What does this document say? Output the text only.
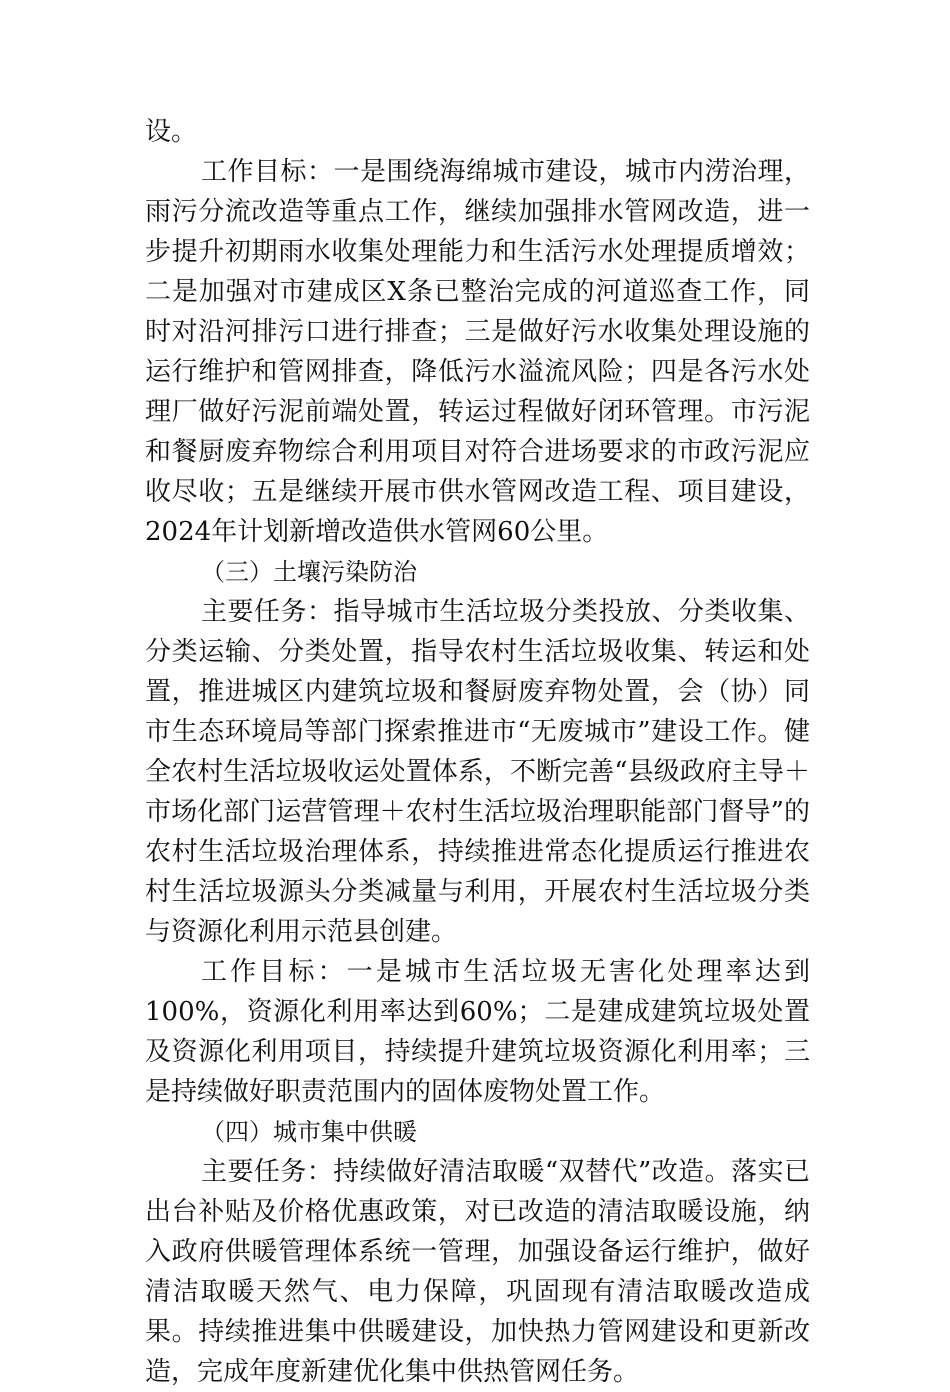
设。

工作目标：一是围绕海绵城市建设，城市内涝治理，雨污分流改造等重点工作，继续加强排水管网改造，进一步提升初期雨水收集处理能力和生活污水处理提质增效；二是加强对市建成区X条已整治完成的河道巡查工作，同时对沿河排污口进行排查；三是做好污水收集处理设施的运行维护和管网排查，降低污水溢流风险；四是各污水处理厂做好污泥前端处置，转运过程做好闭环管理。市污泥和餐厨废弃物综合利用项目对符合进场要求的市政污泥应收尽收；五是继续开展市供水管网改造工程、项目建设，2024年计划新增改造供水管网60公里。

（三）土壤污染防治

主要任务：指导城市生活垃圾分类投放、分类收集、分类运输、分类处置，指导农村生活垃圾收集、转运和处置，推进城区内建筑垃圾和餐厨废弃物处置，会（协）同市生态环境局等部门探索推进市“无废城市”建设工作。健全农村生活垃圾收运处置体系，不断完善“县级政府主导＋市场化部门运营管理＋农村生活垃圾治理职能部门督导”的农村生活垃圾治理体系，持续推进常态化提质运行推进农村生活垃圾源头分类减量与利用，开展农村生活垃圾分类与资源化利用示范县创建。

工作目标：一是城市生活垃圾无害化处理率达到100%，资源化利用率达到60%；二是建成建筑垃圾处置及资源化利用项目，持续提升建筑垃圾资源化利用率；三是持续做好职责范围内的固体废物处置工作。

（四）城市集中供暖

主要任务：持续做好清洁取暖“双替代”改造。落实已出台补贴及价格优惠政策，对已改造的清洁取暖设施，纳入政府供暖管理体系统一管理，加强设备运行维护，做好清洁取暖天然气、电力保障，巩固现有清洁取暖改造成果。持续推进集中供暖建设，加快热力管网建设和更新改造，完成年度新建优化集中供热管网任务。
